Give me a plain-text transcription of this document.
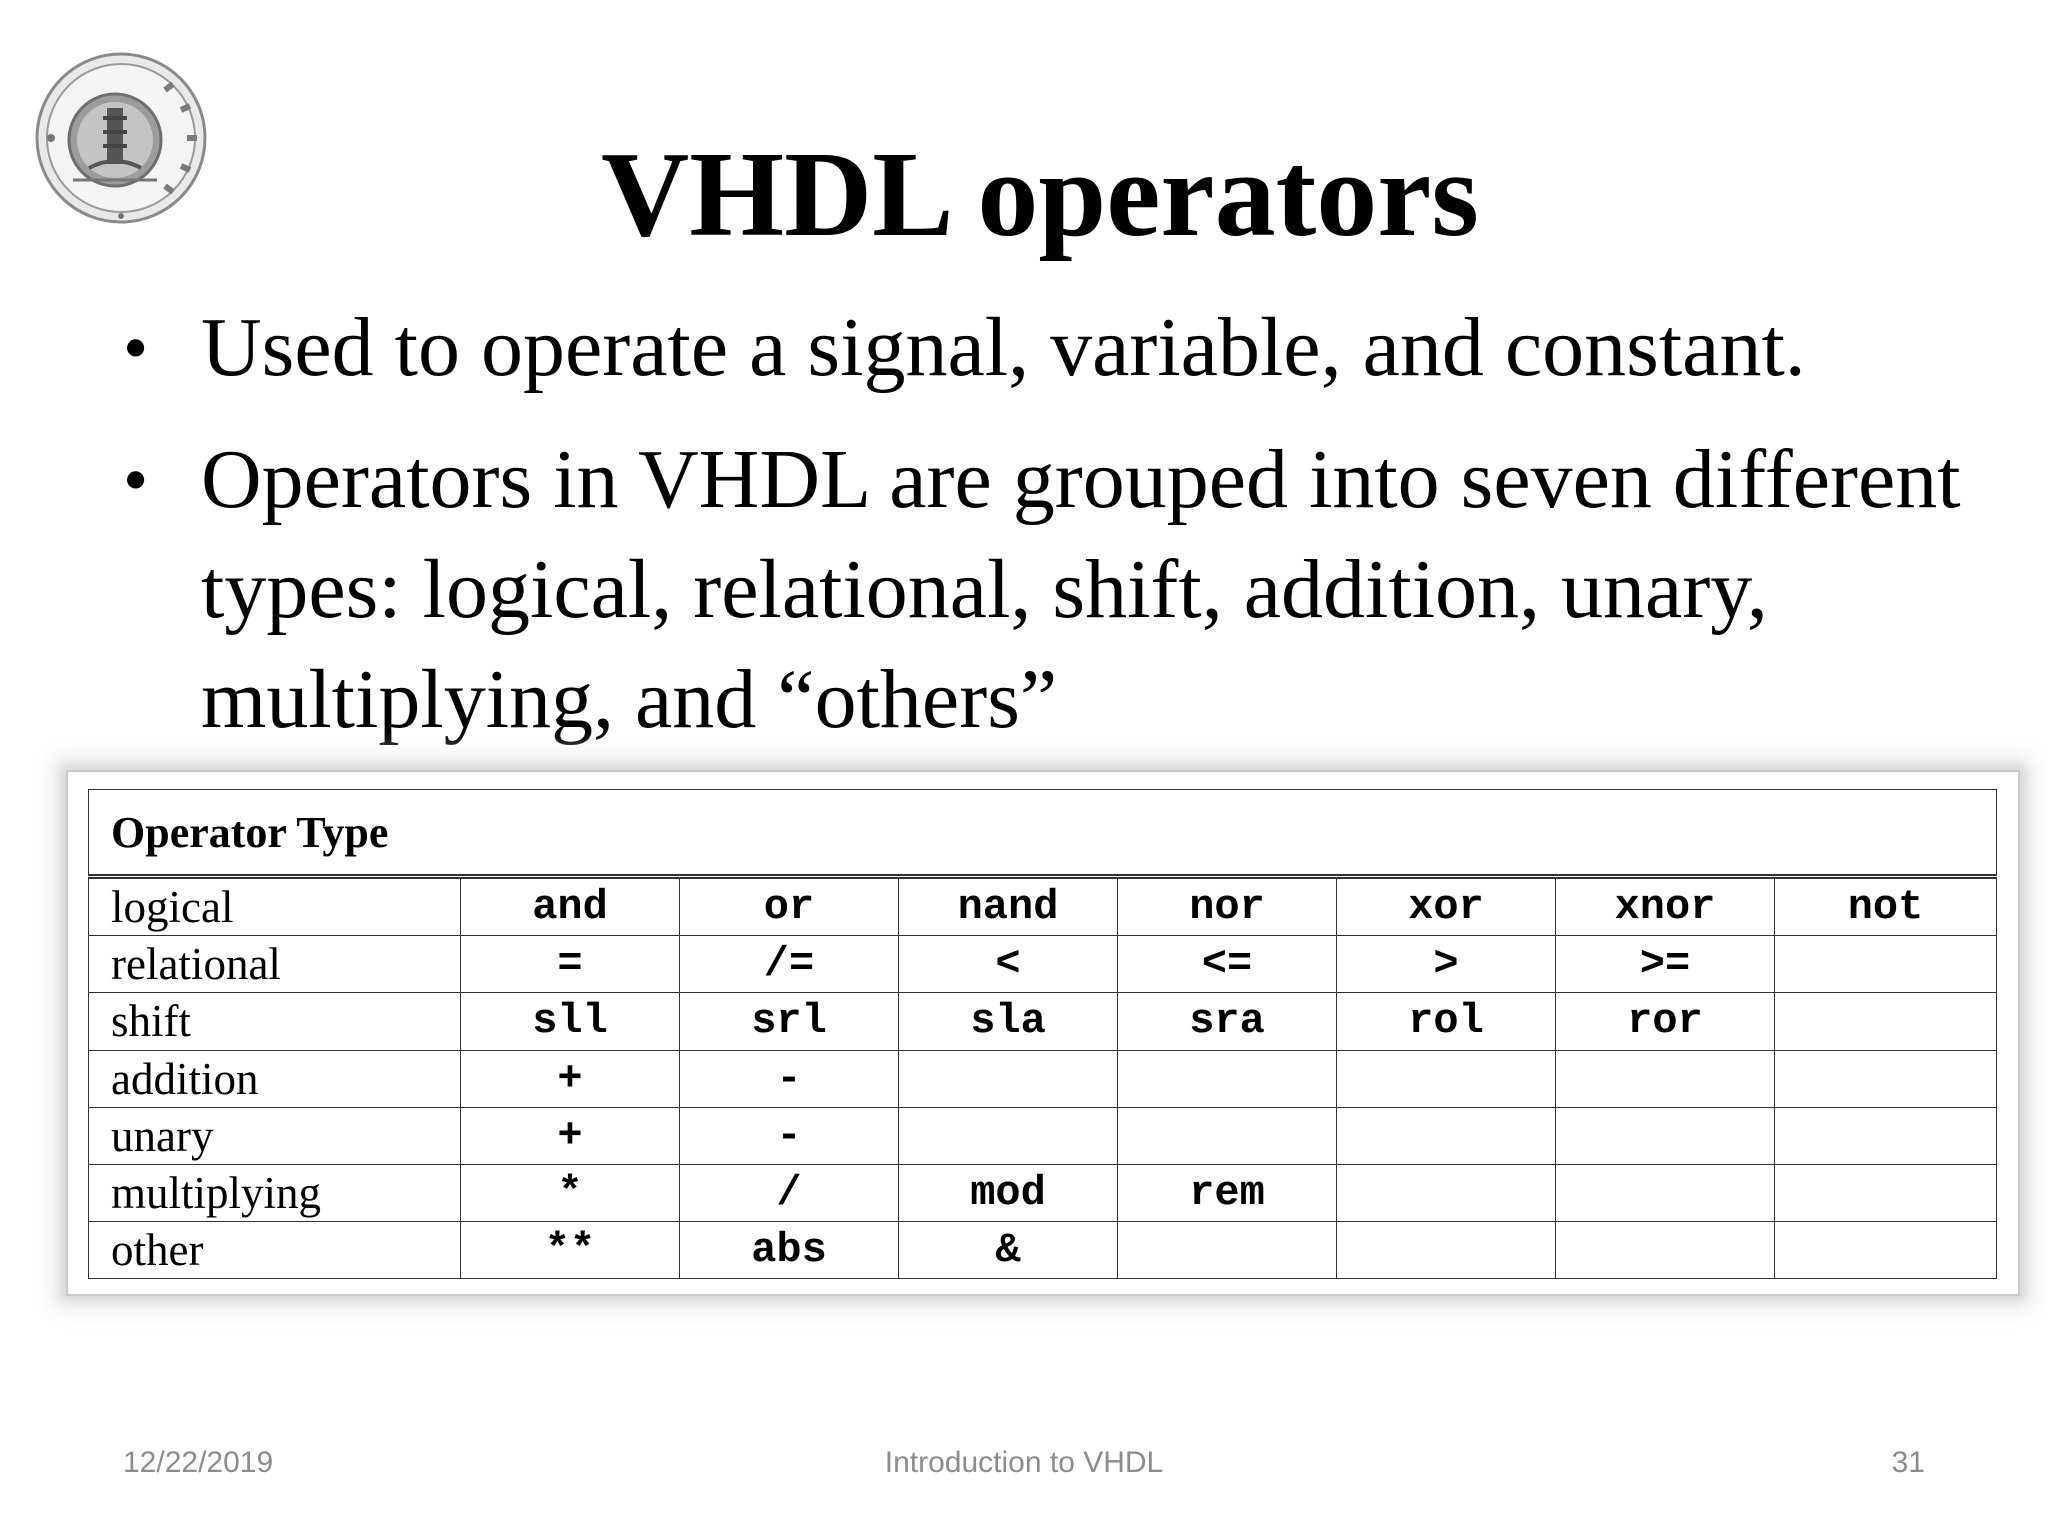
VHDL operators
• Used to operate a signal, variable, and constant.
• Operators in VHDL are grouped into seven different types: logical, relational, shift, addition, unary, multiplying, and “others”
Operator Type							
logical	and	or	nand	nor	xor	xnor	not
relational	=	/=	<	<=	>	>=	
shift	sll	srl	sla	sra	rol	ror	
addition	+	-					
unary	+	-					
multiplying	*	/	mod	rem			
other	**	abs	&				
12/22/2019	Introduction to VHDL	31
